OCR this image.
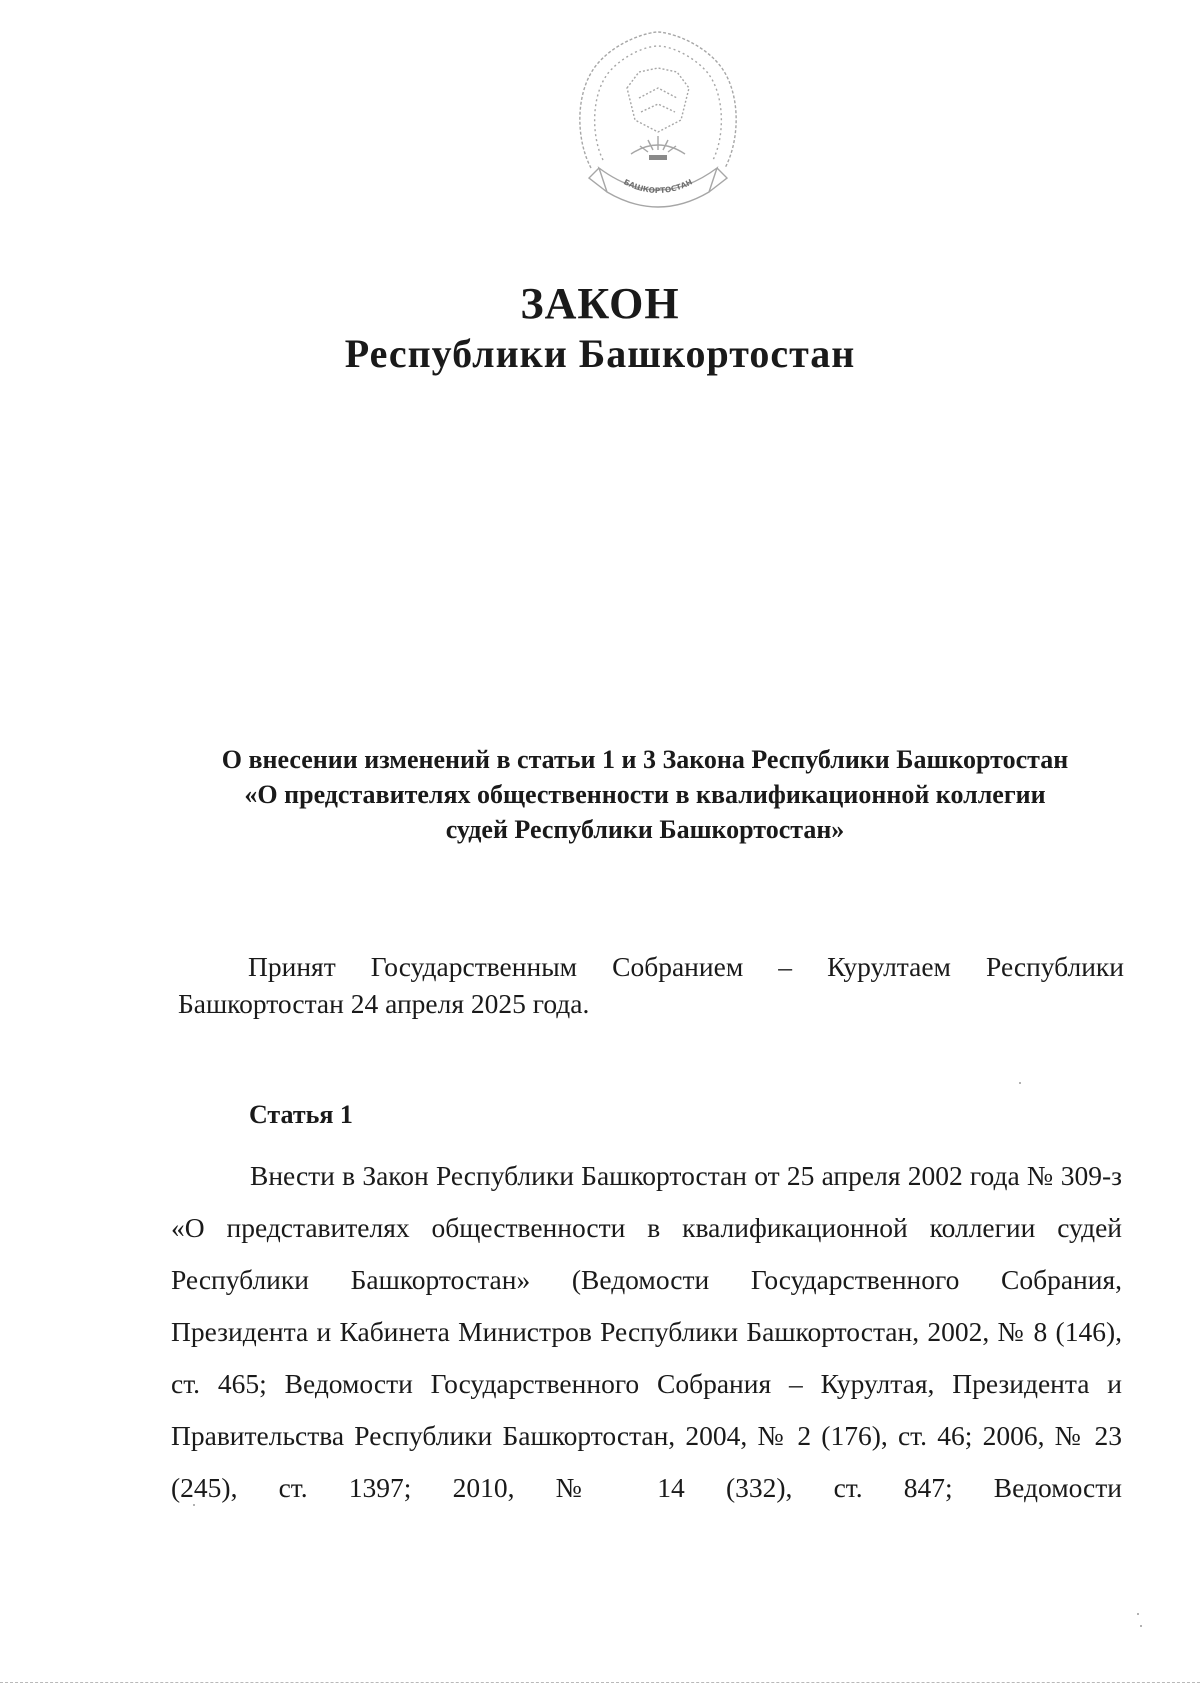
БАШКОРТОСТАН
ЗАКОН
Республики Башкортостан
О внесении изменений в статьи 1 и 3 Закона Республики Башкортостан
«О представителях общественности в квалификационной коллегии
судей Республики Башкортостан»
Принят Государственным Собранием – Курултаем Республики Башкортостан 24 апреля 2025 года.
Статья 1
Внести в Закон Республики Башкортостан от 25 апреля 2002 года № 309-з «О представителях общественности в квалификационной коллегии судей Республики Башкортостан» (Ведомости Государственного Собрания, Президента и Кабинета Министров Республики Башкортостан, 2002, № 8 (146), ст. 465; Ведомости Государственного Собрания – Курултая, Президента и Правительства Республики Башкортостан, 2004, № 2 (176), ст. 46; 2006, № 23 (245), ст. 1397; 2010, № 14 (332), ст. 847; Ведомости
